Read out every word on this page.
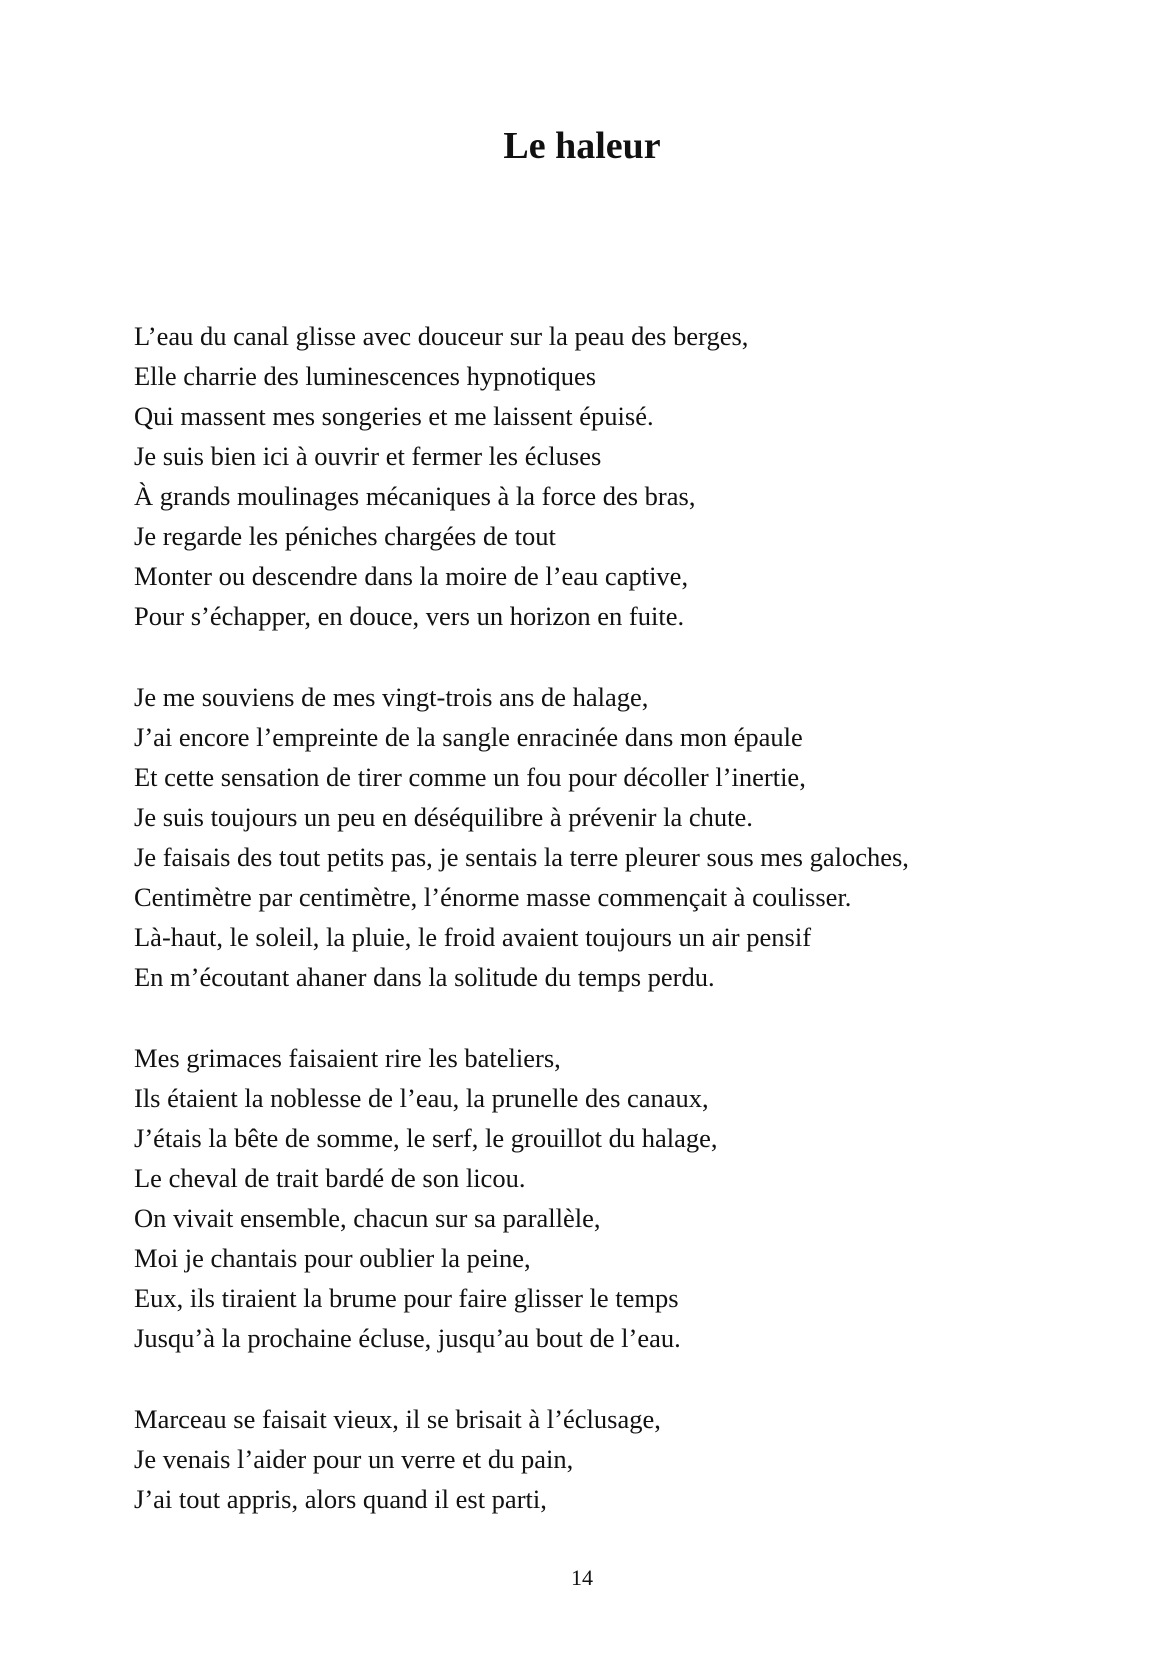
Le haleur
L’eau du canal glisse avec douceur sur la peau des berges,
Elle charrie des luminescences hypnotiques
Qui massent mes songeries et me laissent épuisé.
Je suis bien ici à ouvrir et fermer les écluses
À grands moulinages mécaniques à la force des bras,
Je regarde les péniches chargées de tout
Monter ou descendre dans la moire de l’eau captive,
Pour s’échapper, en douce, vers un horizon en fuite.
Je me souviens de mes vingt-trois ans de halage,
J’ai encore l’empreinte de la sangle enracinée dans mon épaule
Et cette sensation de tirer comme un fou pour décoller l’inertie,
Je suis toujours un peu en déséquilibre à prévenir la chute.
Je faisais des tout petits pas, je sentais la terre pleurer sous mes galoches,
Centimètre par centimètre, l’énorme masse commençait à coulisser.
Là-haut, le soleil, la pluie, le froid avaient toujours un air pensif
En m’écoutant ahaner dans la solitude du temps perdu.
Mes grimaces faisaient rire les bateliers,
Ils étaient la noblesse de l’eau, la prunelle des canaux,
J’étais la bête de somme, le serf, le grouillot du halage,
Le cheval de trait bardé de son licou.
On vivait ensemble, chacun sur sa parallèle,
Moi je chantais pour oublier la peine,
Eux, ils tiraient la brume pour faire glisser le temps
Jusqu’à la prochaine écluse, jusqu’au bout de l’eau.
Marceau se faisait vieux, il se brisait à l’éclusage,
Je venais l’aider pour un verre et du pain,
J’ai tout appris, alors quand il est parti,
14
